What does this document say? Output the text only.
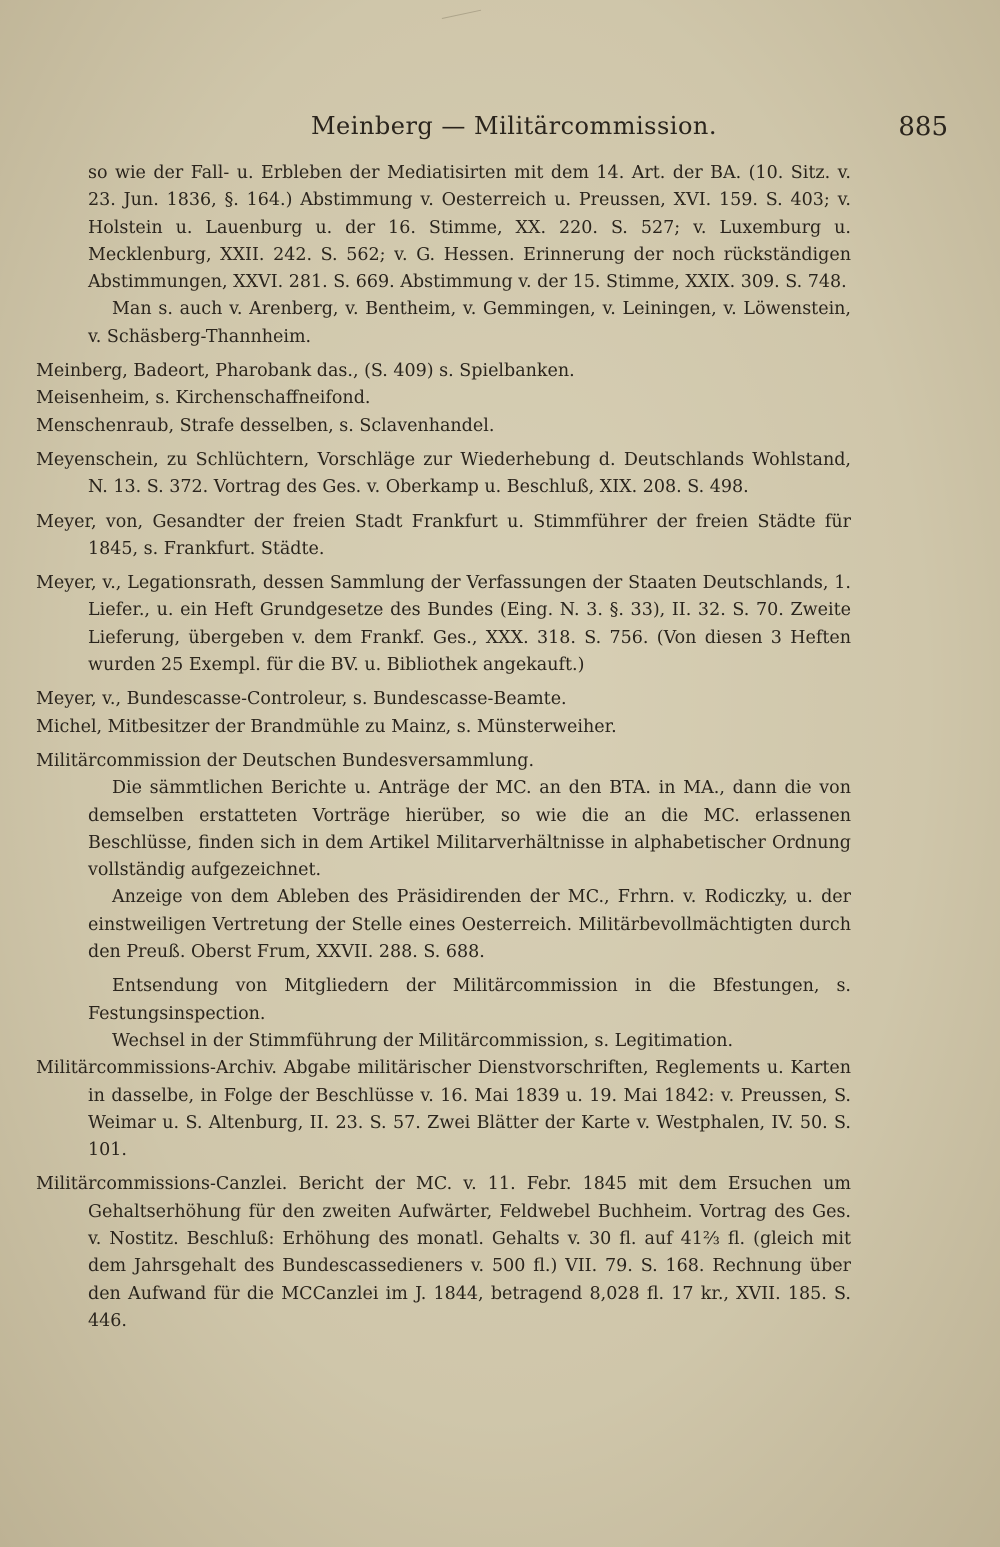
Meinberg — Militärcommission.	885

so wie der Fall- u. Erbleben der Mediatisirten mit dem 14. Art. der BA. (10. Sitz. v. 23. Jun. 1836, §. 164.) Abstimmung v. Oesterreich u. Preussen, XVI. 159. S. 403; v. Holstein u. Lauenburg u. der 16. Stimme, XX. 220. S. 527; v. Luxemburg u. Mecklenburg, XXII. 242. S. 562; v. G. Hessen. Erinnerung der noch rückständigen Abstimmungen, XXVI. 281. S. 669. Abstimmung v. der 15. Stimme, XXIX. 309. S. 748.

Man s. auch v. Arenberg, v. Bentheim, v. Gemmingen, v. Leiningen, v. Löwenstein, v. Schäsberg-Thannheim.

Meinberg, Badeort, Pharobank das., (S. 409) s. Spielbanken.

Meisenheim, s. Kirchenschaffneifond.

Menschenraub, Strafe desselben, s. Sclavenhandel.

Meyenschein, zu Schlüchtern, Vorschläge zur Wiederhebung d. Deutschlands Wohlstand, N. 13. S. 372. Vortrag des Ges. v. Oberkamp u. Beschluß, XIX. 208. S. 498.

Meyer, von, Gesandter der freien Stadt Frankfurt u. Stimmführer der freien Städte für 1845, s. Frankfurt. Städte.

Meyer, v., Legationsrath, dessen Sammlung der Verfassungen der Staaten Deutschlands, 1. Liefer., u. ein Heft Grundgesetze des Bundes (Eing. N. 3. §. 33), II. 32. S. 70. Zweite Lieferung, übergeben v. dem Frankf. Ges., XXX. 318. S. 756. (Von diesen 3 Heften wurden 25 Exempl. für die BV. u. Bibliothek angekauft.)

Meyer, v., Bundescasse-Controleur, s. Bundescasse-Beamte.

Michel, Mitbesitzer der Brandmühle zu Mainz, s. Münsterweiher.

Militärcommission der Deutschen Bundesversammlung.

Die sämmtlichen Berichte u. Anträge der MC. an den BTA. in MA., dann die von demselben erstatteten Vorträge hierüber, so wie die an die MC. erlassenen Beschlüsse, finden sich in dem Artikel Militarverhältnisse in alphabetischer Ordnung vollständig aufgezeichnet.

Anzeige von dem Ableben des Präsidirenden der MC., Frhrn. v. Rodiczky, u. der einstweiligen Vertretung der Stelle eines Oesterreich. Militärbevollmächtigten durch den Preuß. Oberst Frum, XXVII. 288. S. 688.

Entsendung von Mitgliedern der Militärcommission in die Bfestungen, s. Festungsinspection.

Wechsel in der Stimmführung der Militärcommission, s. Legitimation.

Militärcommissions-Archiv. Abgabe militärischer Dienstvorschriften, Reglements u. Karten in dasselbe, in Folge der Beschlüsse v. 16. Mai 1839 u. 19. Mai 1842: v. Preussen, S. Weimar u. S. Altenburg, II. 23. S. 57. Zwei Blätter der Karte v. Westphalen, IV. 50. S. 101.

Militärcommissions-Canzlei. Bericht der MC. v. 11. Febr. 1845 mit dem Ersuchen um Gehaltserhöhung für den zweiten Aufwärter, Feldwebel Buchheim. Vortrag des Ges. v. Nostitz. Beschluß: Erhöhung des monatl. Gehalts v. 30 fl. auf 41⅔ fl. (gleich mit dem Jahrsgehalt des Bundescassedieners v. 500 fl.) VII. 79. S. 168. Rechnung über den Aufwand für die MCCanzlei im J. 1844, betragend 8,028 fl. 17 kr., XVII. 185. S. 446.
